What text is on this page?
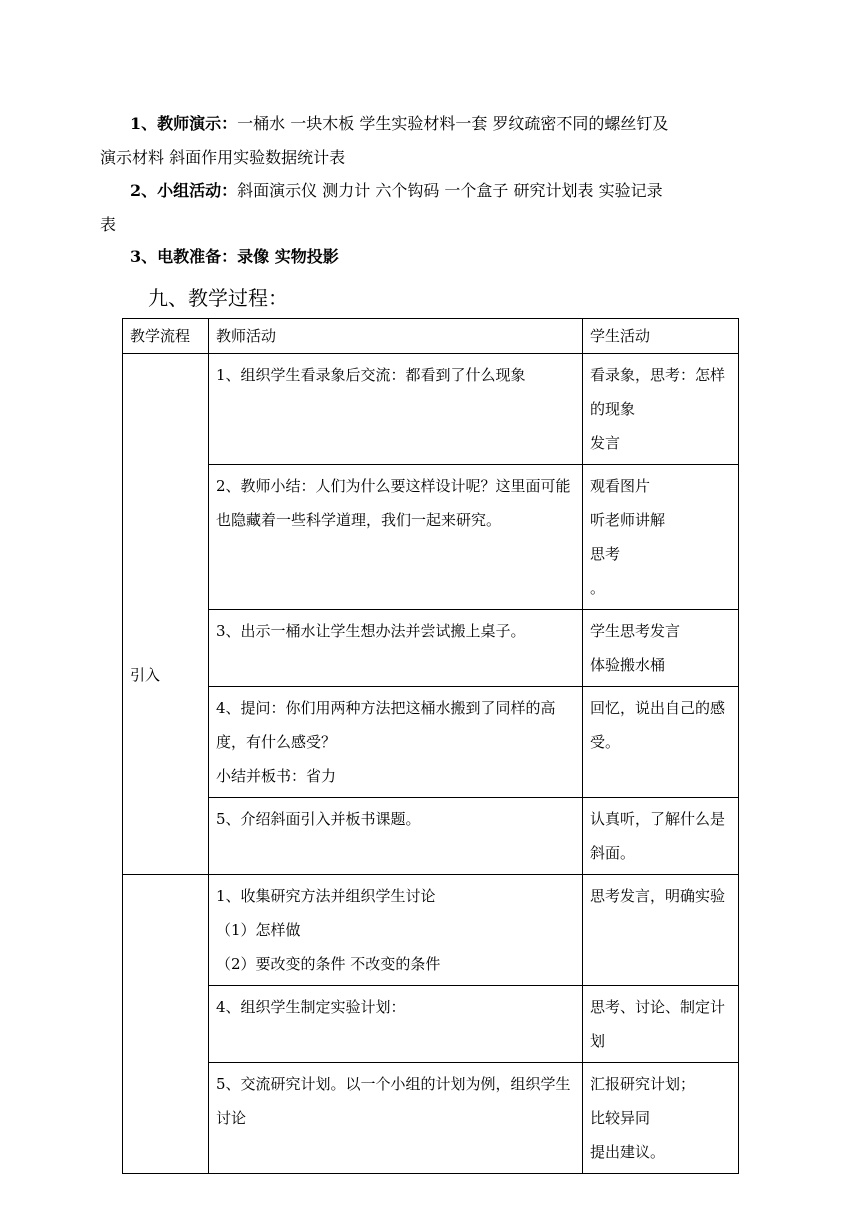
1、教师演示：一桶水 一块木板 学生实验材料一套 罗纹疏密不同的螺丝钉及
演示材料 斜面作用实验数据统计表

2、小组活动：斜面演示仪 测力计 六个钩码 一个盒子 研究计划表 实验记录
表

3、电教准备：录像 实物投影

九、教学过程：
教学流程	教师活动	学生活动

引入	1、组织学生看录象后交流：都看到了什么现象	看录象，思考：怎样的现象
发言

	2、教师小结：人们为什么要这样设计呢？这里面可能也隐藏着一些科学道理，我们一起来研究。	观看图片
听老师讲解
思考
。

	3、出示一桶水让学生想办法并尝试搬上桌子。	学生思考发言
体验搬水桶

	4、提问：你们用两种方法把这桶水搬到了同样的高度，有什么感受？
小结并板书：省力	回忆，说出自己的感受。

	5、介绍斜面引入并板书课题。	认真听，了解什么是斜面。

	1、收集研究方法并组织学生讨论
（1）怎样做
（2）要改变的条件 不改变的条件	思考发言，明确实验

	4、组织学生制定实验计划：	思考、讨论、制定计划

	5、交流研究计划。以一个小组的计划为例，组织学生讨论	汇报研究计划；
比较异同
提出建议。
